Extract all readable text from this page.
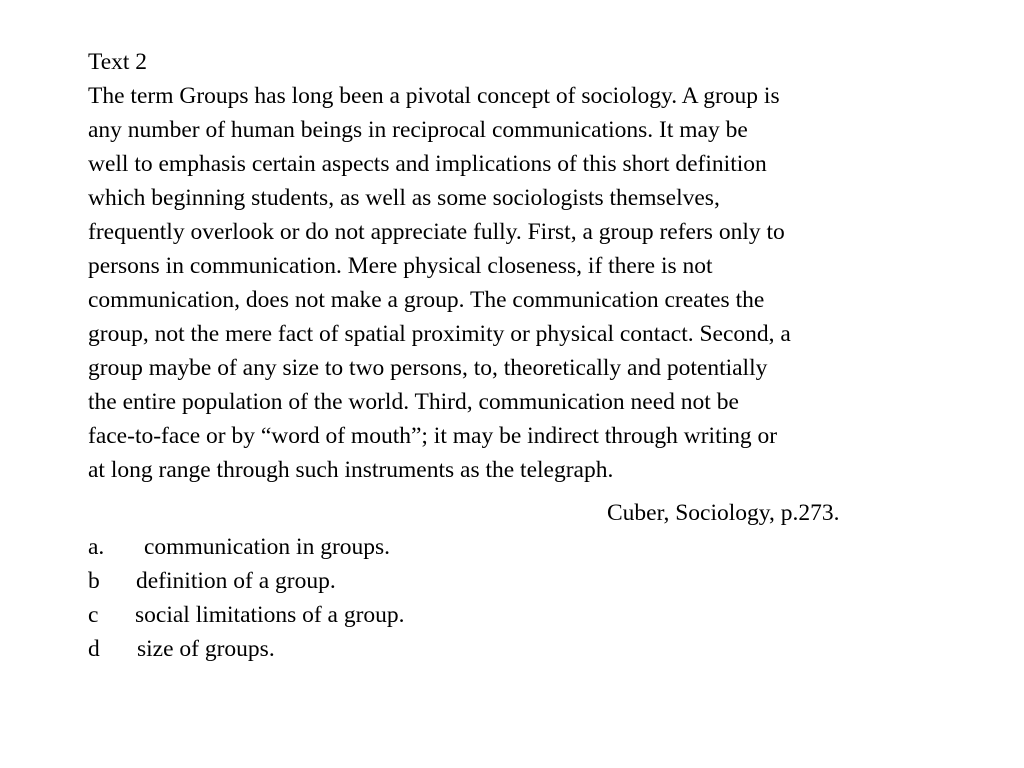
Text 2
The term Groups has long been a pivotal concept of sociology. A group is
any number of human beings in reciprocal communications. It may be
well to emphasis certain aspects and implications of this short definition
which beginning students, as well as some sociologists themselves,
frequently overlook or do not appreciate fully. First, a group refers only to
persons in communication. Mere physical closeness, if there is not
communication, does not make a group. The communication creates the
group, not the mere fact of spatial proximity or physical contact. Second, a
group maybe of any size to two persons, to, theoretically and potentially
the entire population of the world. Third, communication need not be
face-to-face or by “word of mouth”; it may be indirect through writing or
at long range through such instruments as the telegraph.
Cuber, Sociology, p.273.
a. communication in groups.
b definition of a group.
c social limitations of a group.
d size of groups.
